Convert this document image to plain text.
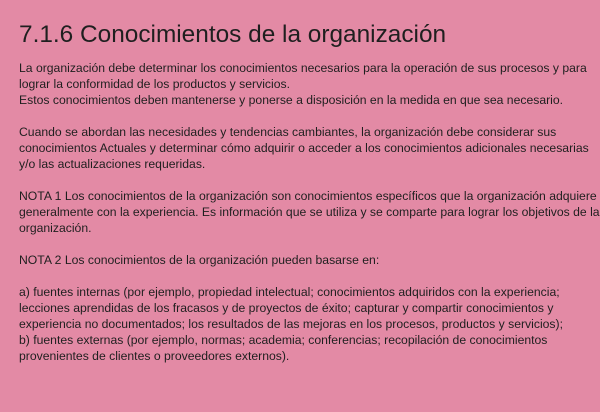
7.1.6 Conocimientos de la organización

La organización debe determinar los conocimientos necesarios para la operación de sus procesos y para
lograr la conformidad de los productos y servicios.
Estos conocimientos deben mantenerse y ponerse a disposición en la medida en que sea necesario.

Cuando se abordan las necesidades y tendencias cambiantes, la organización debe considerar sus
conocimientos Actuales y determinar cómo adquirir o acceder a los conocimientos adicionales necesarias
y/o las actualizaciones requeridas.

NOTA 1 Los conocimientos de la organización son conocimientos específicos que la organización adquiere
generalmente con la experiencia. Es información que se utiliza y se comparte para lograr los objetivos de la
organización.

NOTA 2 Los conocimientos de la organización pueden basarse en:

a) fuentes internas (por ejemplo, propiedad intelectual; conocimientos adquiridos con la experiencia;
lecciones aprendidas de los fracasos y de proyectos de éxito; capturar y compartir conocimientos y
experiencia no documentados; los resultados de las mejoras en los procesos, productos y servicios);
b) fuentes externas (por ejemplo, normas; academia; conferencias; recopilación de conocimientos
provenientes de clientes o proveedores externos).
